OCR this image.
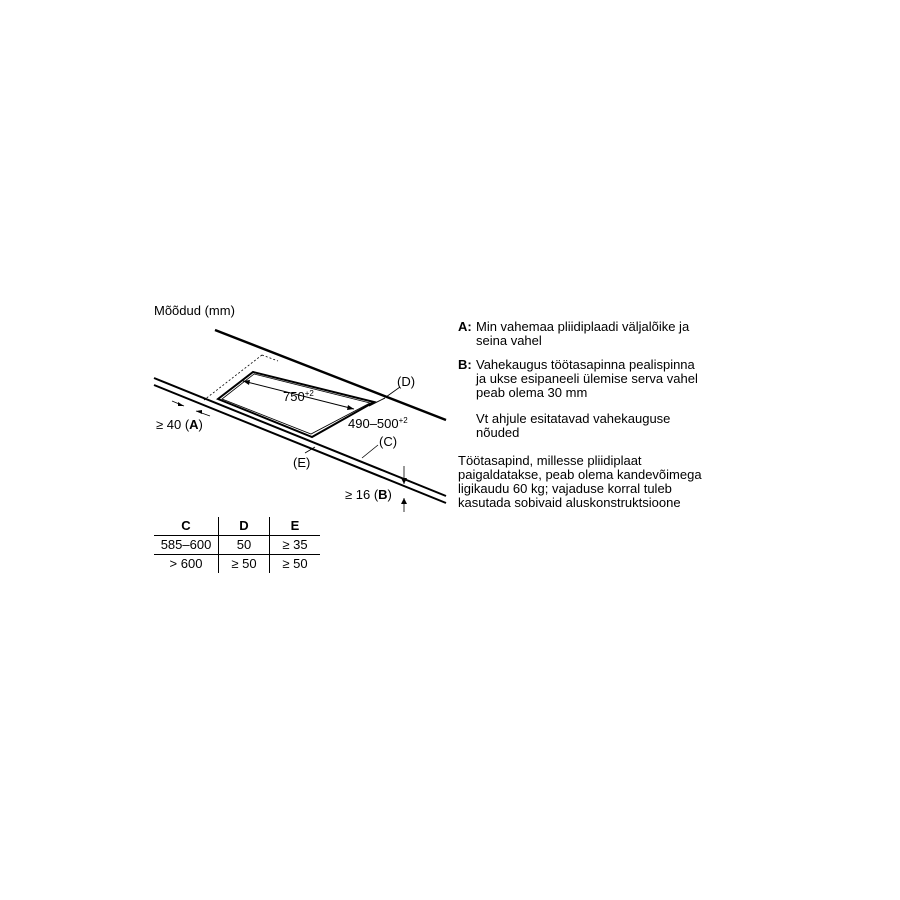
Mõõdud (mm)
(D)
(C)
(E)
$750^{+2}$
$490-500^{+2}$
≥ 40 (A)
≥ 16 (B)
C	D	E
585–600	50	≥ 35
> 600	≥ 50	≥ 50
A: Min vahemaa pliidiplaadi väljalõike ja
seina vahel
B: Vahekaugus töötasapinna pealispinna
ja ukse esipaneeli ülemise serva vahel
peab olema 30 mm
Vt ahjule esitatavad vahekauguse
nõuded
Töötasapind, millesse pliidiplaat
paigaldatakse, peab olema kandevõimega
ligikaudu 60 kg; vajaduse korral tuleb
kasutada sobivaid aluskonstruktsioone
